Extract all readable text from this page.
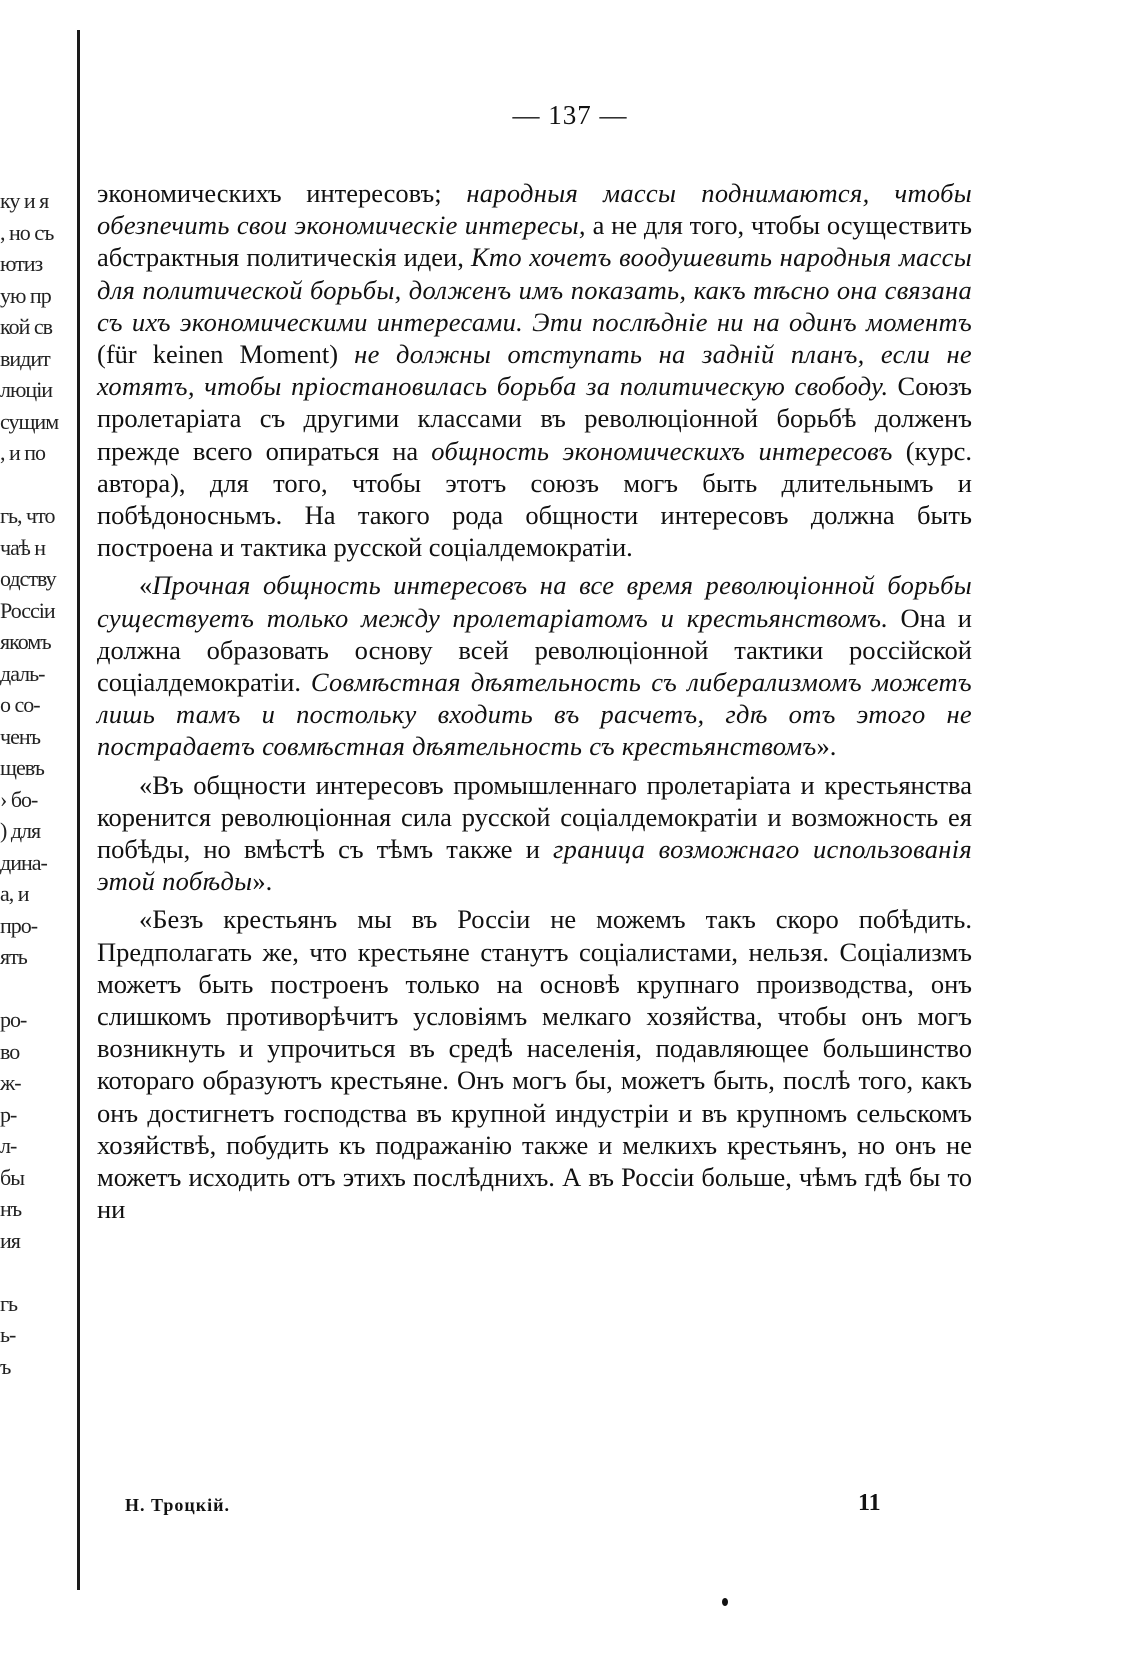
ку и я
, но съ
ютиз
ую пр
кой св
видит
люцiи
сущим
, и по
гь, что
чаѣ н
одству
Россiи
якомъ
даль-
о со-
ченъ
щевъ
› бо-
) для
дина-
а, и
про-
ять
ро-
во
ж-
р-
л-
бы
нъ
ия
гь
ь-
ъ
— 137 —

экономическихъ интересовъ; народныя массы поднимаются, чтобы обезпечить свои экономическiе интересы, а не для того, чтобы осуществить абстрактныя политическiя идеи, Кто хочетъ воодушевить народныя массы для политической борьбы, долженъ имъ показать, какъ тѣсно она связана съ ихъ экономическими интересами. Эти послѣднiе ни на одинъ моментъ (für keinen Moment) не должны отступать на заднiй планъ, если не хотятъ, чтобы прiостановилась борьба за политическую свободу. Союзъ пролетарiата съ другими классами въ революцiонной борьбѣ долженъ прежде всего опираться на общность экономическихъ интересовъ (курс. автора), для того, чтобы этотъ союзъ могъ быть длительнымъ и побѣдоносньмъ. На такого рода общности интересовъ должна быть построена и тактика русской соцiалдемократiи.

«Прочная общность интересовъ на все время революцiонной борьбы существуетъ только между пролетарiатомъ и крестьянствомъ. Она и должна образовать основу всей революцiонной тактики россiйской соцiалдемократiи. Совмѣстная дѣятельность съ либерализмомъ можетъ лишь тамъ и постольку входить въ расчетъ, гдѣ отъ этого не пострадаетъ совмѣстная дѣятельность съ крестьянствомъ».

«Въ общности интересовъ промышленнаго пролетарiата и крестьянства коренится революцiонная сила русской соцiалдемократiи и возможность ея побѣды, но вмѣстѣ съ тѣмъ также и граница возможнаго использованiя этой побѣды».

«Безъ крестьянъ мы въ Россiи не можемъ такъ скоро побѣдить. Предполагать же, что крестьяне станутъ соцiалистами, нельзя. Соцiализмъ можетъ быть построенъ только на основѣ крупнаго производства, онъ слишкомъ противорѣчитъ условiямъ мелкаго хозяйства, чтобы онъ могъ возникнуть и упрочиться въ средѣ населенiя, подавляющее большинство котораго образуютъ крестьяне. Онъ могъ бы, можетъ быть, послѣ того, какъ онъ достигнетъ господства въ крупной индустрiи и въ крупномъ сельскомъ хозяйствѣ, побудить къ подражанiю также и мелкихъ крестьянъ, но онъ не можетъ исходить отъ этихъ послѣднихъ. А въ Россiи больше, чѣмъ гдѣ бы то ни

Н. Троцкiй.	11
